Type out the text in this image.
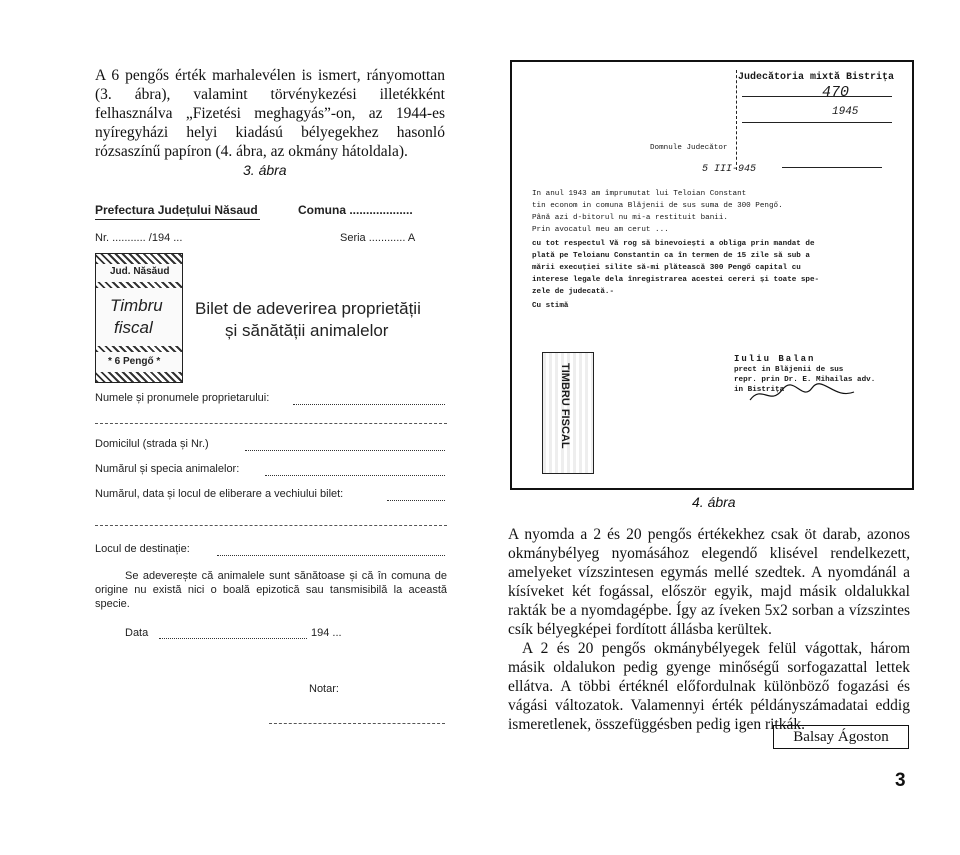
A 6 pengős érték marhalevélen is ismert, rányomottan (3. ábra), valamint törvénykezési illetékként felhasználva „Fizetési meghagyás”-on, az 1944-es nyíregyházi helyi kiadású bélyegekhez hasonló rózsaszínű papíron (4. ábra, az okmány hátoldala).
3. ábra
Prefectura Județului Năsaud	Comuna ...................
Nr. ........... /194 ...	Seria ............ A
Bilet de adeverirea proprietății
și sănătății animalelor
Numele și pronumele proprietarului:
Domicilul (strada și Nr.)
Numărul și specia animalelor:
Numărul, data și locul de eliberare a vechiului bilet:
Locul de destinație:
Se adeverește că animalele sunt sănătoase și că în comuna de origine nu există nici o boală epizotică sau tansmisibilă la această specie.
Data	194 ...
Notar:
Jud. Năsăud
Timbru
fiscal
* 6 Pengő *
Judecătoria mixtă Bistrița
470
1945
Domnule Judecător
5 III-945
In anul 1943 am împrumutat lui Teloian Constant
tin econom in comuna Blăjenii de sus suma de 300 Pengő.
Până azi d-bitorul nu mi-a restituit banii.
Prin avocatul meu am cerut ...
cu tot respectul Vă rog să binevoiești a obliga prin mandat de
plată pe Teloianu Constantin ca în termen de 15 zile să sub a
mării execuției silite să-mi plătească 300 Pengő capital cu
interese legale dela înregistrarea acestei cereri și toate spe-
zele de judecată.-
Cu stimă
Iuliu Balan
prect in Blăjenii de sus
repr. prin Dr. E. Mihailas adv.
in Bistrița
TIMBRU FISCAL
4. ábra

A nyomda a 2 és 20 pengős értékekhez csak öt darab, azonos okmánybélyeg nyomásához elegendő klisével rendelkezett, amelyeket vízszintesen egymás mellé szedtek. A nyomdánál a kísíveket két fogással, először egyik, majd másik oldalukkal rakták be a nyomdagépbe. Így az íveken 5x2 sorban a vízszintes csík bélyegképei fordított állásba kerültek.

A 2 és 20 pengős okmánybélyegek felül vágottak, három másik oldalukon pedig gyenge minőségű sorfogazattal lettek ellátva. A többi értéknél előfordulnak különböző fogazási és vágási változatok. Valamennyi érték példányszámadatai eddig ismeretlenek, összefüggésben pedig igen ritkák.

Balsay Ágoston
3
